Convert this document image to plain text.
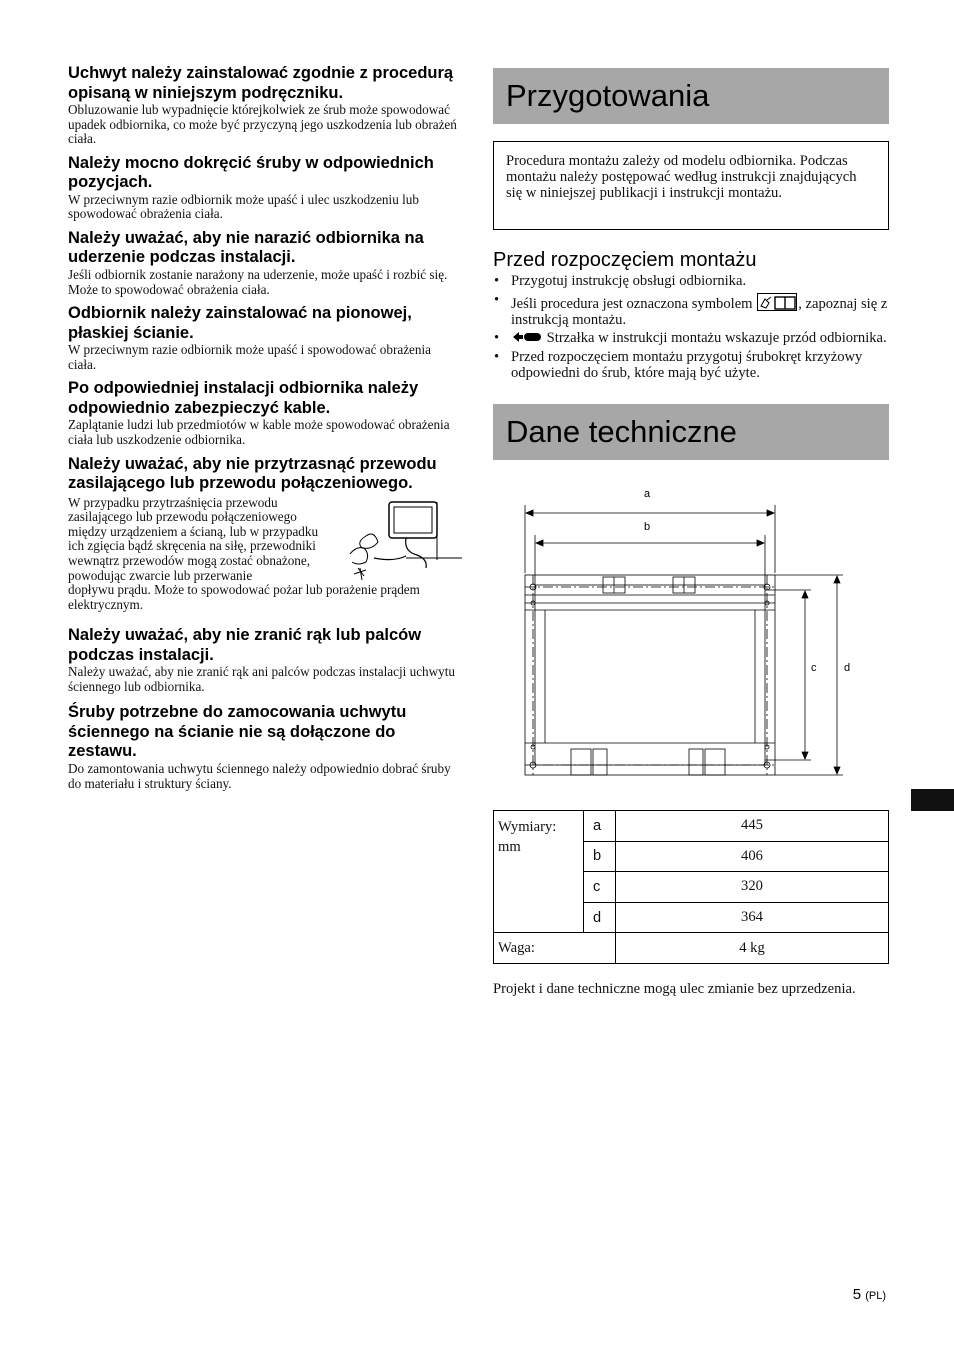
Uchwyt należy zainstalować zgodnie z procedurą opisaną w niniejszym podręczniku.
Obluzowanie lub wypadnięcie którejkolwiek ze śrub może spowodować upadek odbiornika, co może być przyczyną jego uszkodzenia lub obrażeń ciała.
Należy mocno dokręcić śruby w odpowiednich pozycjach.
W przeciwnym razie odbiornik może upaść i ulec uszkodzeniu lub spowodować obrażenia ciała.
Należy uważać, aby nie narazić odbiornika na uderzenie podczas instalacji.
Jeśli odbiornik zostanie narażony na uderzenie, może upaść i rozbić się. Może to spowodować obrażenia ciała.
Odbiornik należy zainstalować na pionowej, płaskiej ścianie.
W przeciwnym razie odbiornik może upaść i spowodować obrażenia ciała.
Po odpowiedniej instalacji odbiornika należy odpowiednio zabezpieczyć kable.
Zaplątanie ludzi lub przedmiotów w kable może spowodować obrażenia ciała lub uszkodzenie odbiornika.
Należy uważać, aby nie przytrzasnąć przewodu zasilającego lub przewodu połączeniowego.
W przypadku przytrzaśnięcia przewodu zasilającego lub przewodu połączeniowego między urządzeniem a ścianą, lub w przypadku ich zgięcia bądź skręcenia na siłę, przewodniki wewnątrz przewodów mogą zostać obnażone, powodując zwarcie lub przerwanie
dopływu prądu. Może to spowodować pożar lub porażenie prądem elektrycznym.
Należy uważać, aby nie zranić rąk lub palców podczas instalacji.
Należy uważać, aby nie zranić rąk ani palców podczas instalacji uchwytu ściennego lub odbiornika.
Śruby potrzebne do zamocowania uchwytu ściennego na ścianie nie są dołączone do zestawu.
Do zamontowania uchwytu ściennego należy odpowiednio dobrać śruby do materiału i struktury ściany.
Przygotowania
Procedura montażu zależy od modelu odbiornika. Podczas montażu należy postępować według instrukcji znajdujących się w niniejszej publikacji i instrukcji montażu.
Przed rozpoczęciem montażu
• Przygotuj instrukcję obsługi odbiornika.
• Jeśli procedura jest oznaczona symbolem	, zapoznaj się z instrukcją montażu.
• Strzałka w instrukcji montażu wskazuje przód odbiornika.
• Przed rozpoczęciem montażu przygotuj śrubokręt krzyżowy odpowiedni do śrub, które mają być użyte.
Dane techniczne
a
b
c	d
Wymiary: mm	a	445
	b	406
	c	320
	d	364
Waga:		4 kg
Projekt i dane techniczne mogą ulec zmianie bez uprzedzenia.
5 (PL)
